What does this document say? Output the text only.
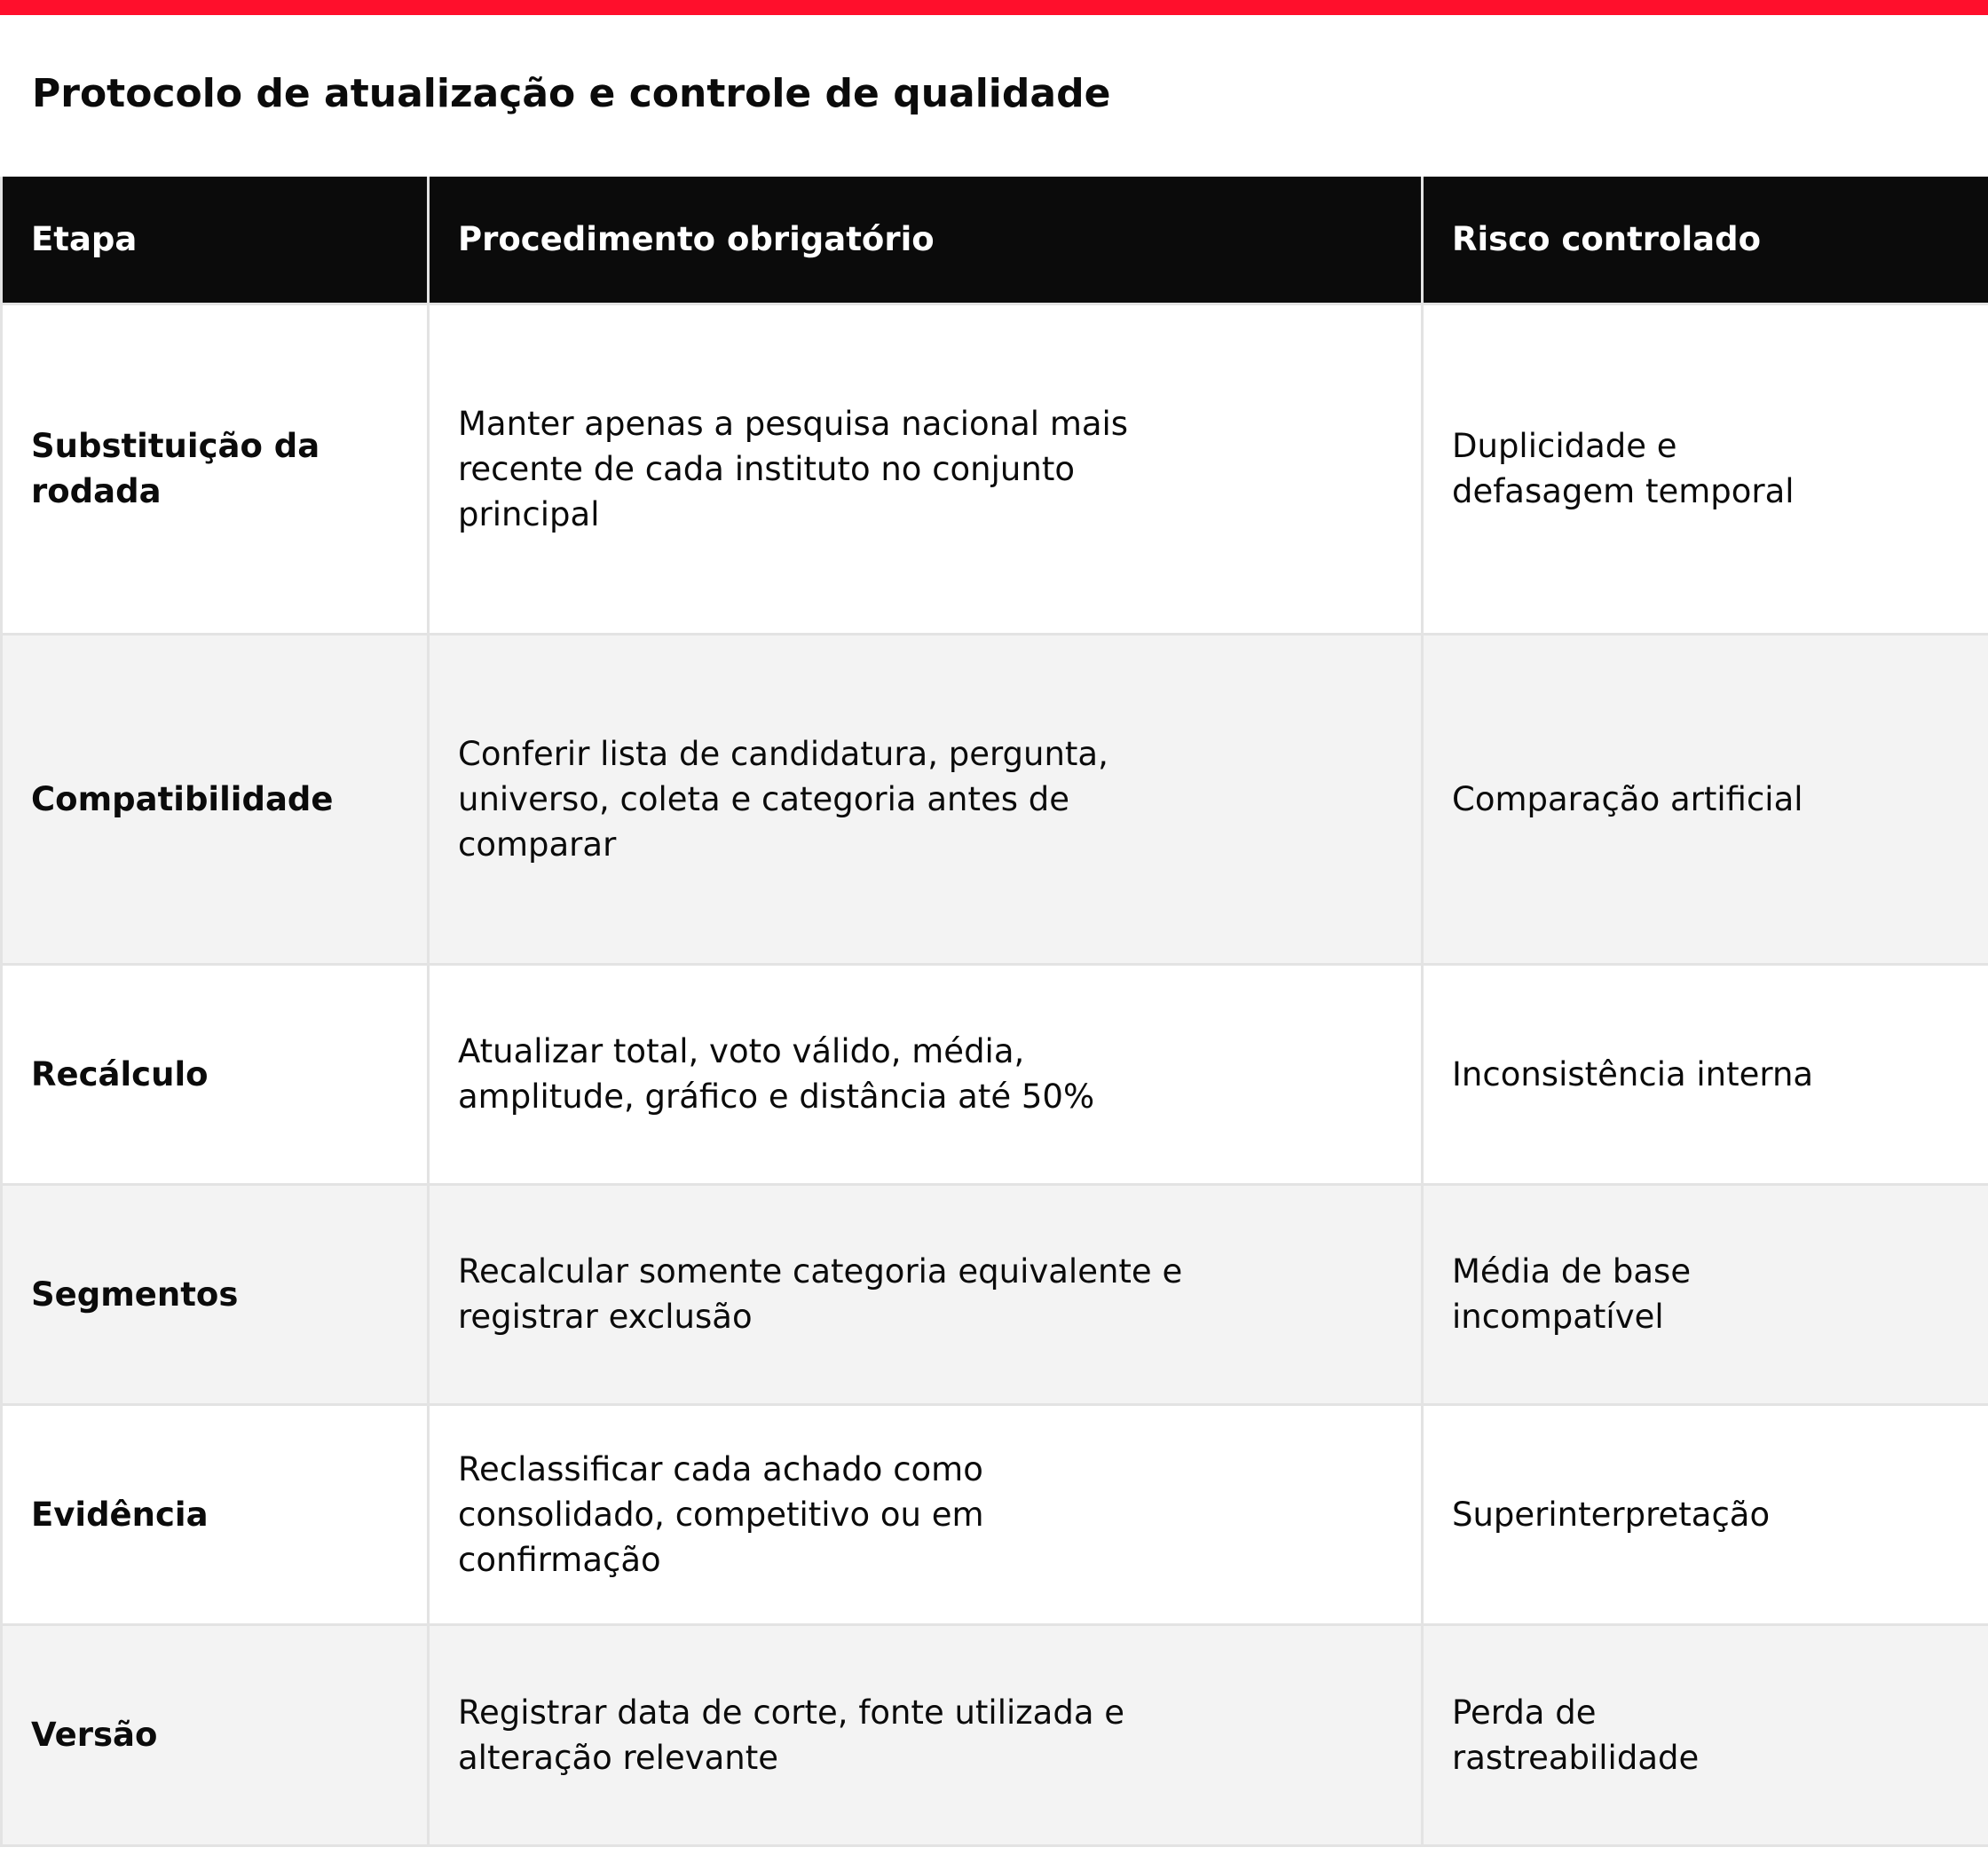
Protocolo de atualização e controle de qualidade
Etapa	Procedimento obrigatório	Risco controlado
Substituição da rodada	Manter apenas a pesquisa nacional mais recente de cada instituto no conjunto principal	Duplicidade e defasagem temporal

Compatibilidade	Conferir lista de candidatura, pergunta, universo, coleta e categoria antes de comparar	Comparação artificial

Recálculo	Atualizar total, voto válido, média, amplitude, gráfico e distância até 50%	Inconsistência interna

Segmentos	Recalcular somente categoria equivalente e registrar exclusão	Média de base incompatível

Evidência	Reclassificar cada achado como consolidado, competitivo ou em confirmação	Superinterpretação

Versão	Registrar data de corte, fonte utilizada e alteração relevante	Perda de rastreabilidade
